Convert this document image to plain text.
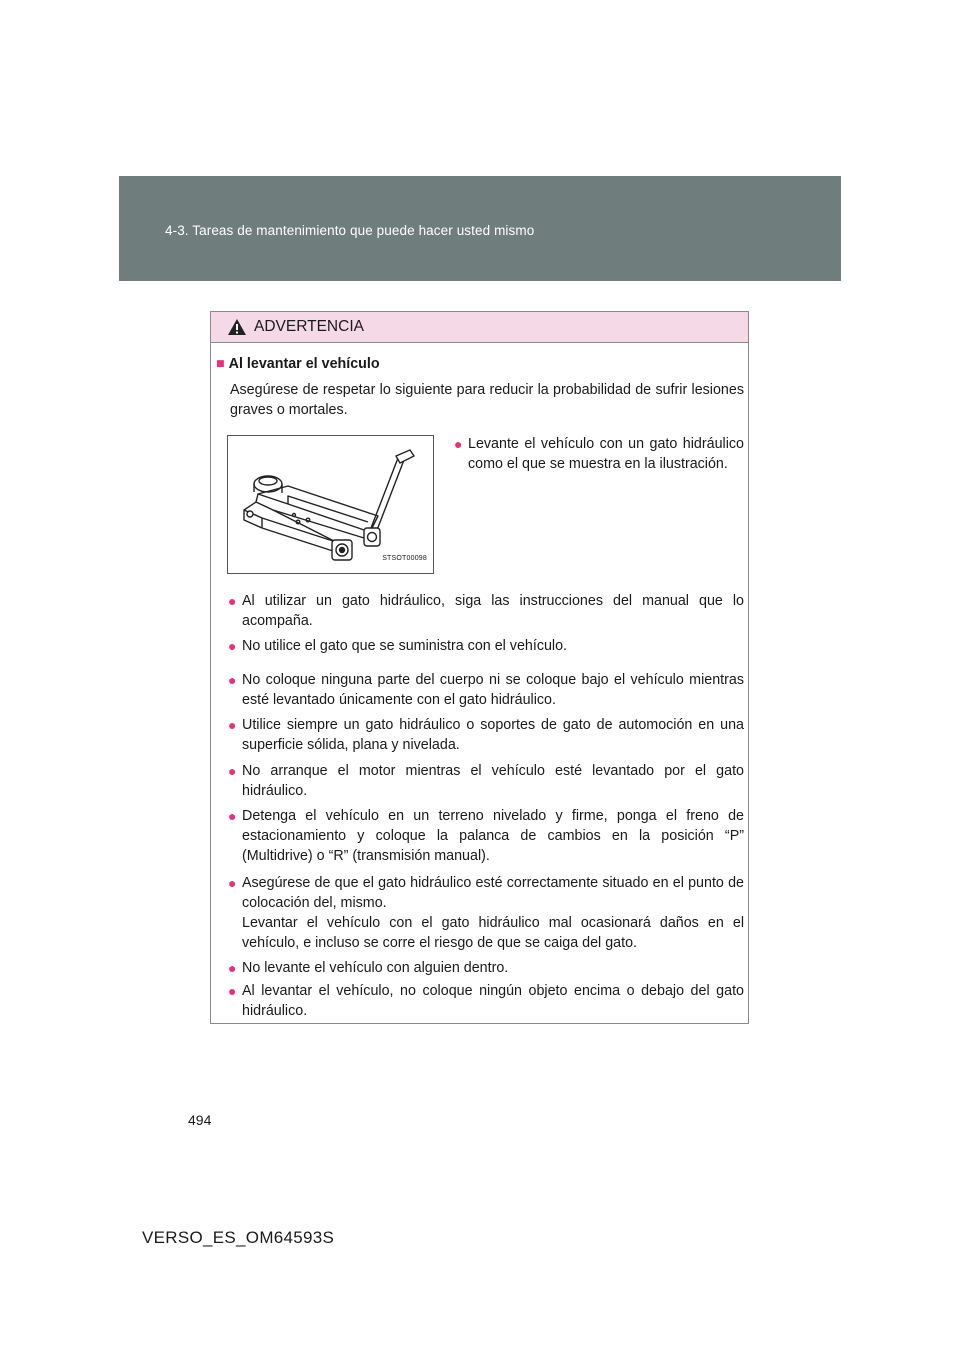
4-3. Tareas de mantenimiento que puede hacer usted mismo
ADVERTENCIA
■ Al levantar el vehículo
Asegúrese de respetar lo siguiente para reducir la probabilidad de sufrir lesiones graves o mortales.
STSOT00098
● Levante el vehículo con un gato hidráulico como el que se muestra en la ilustración.
● Al utilizar un gato hidráulico, siga las instrucciones del manual que lo acompaña.
● No utilice el gato que se suministra con el vehículo.
● No coloque ninguna parte del cuerpo ni se coloque bajo el vehículo mientras esté levantado únicamente con el gato hidráulico.
● Utilice siempre un gato hidráulico o soportes de gato de automoción en una superficie sólida, plana y nivelada.
● No arranque el motor mientras el vehículo esté levantado por el gato hidráulico.
● Detenga el vehículo en un terreno nivelado y firme, ponga el freno de estacionamiento y coloque la palanca de cambios en la posición “P” (Multidrive) o “R” (transmisión manual).
● Asegúrese de que el gato hidráulico esté correctamente situado en el punto de colocación del, mismo.
Levantar el vehículo con el gato hidráulico mal ocasionará daños en el vehículo, e incluso se corre el riesgo de que se caiga del gato.
● No levante el vehículo con alguien dentro.
● Al levantar el vehículo, no coloque ningún objeto encima o debajo del gato hidráulico.
494
VERSO_ES_OM64593S
